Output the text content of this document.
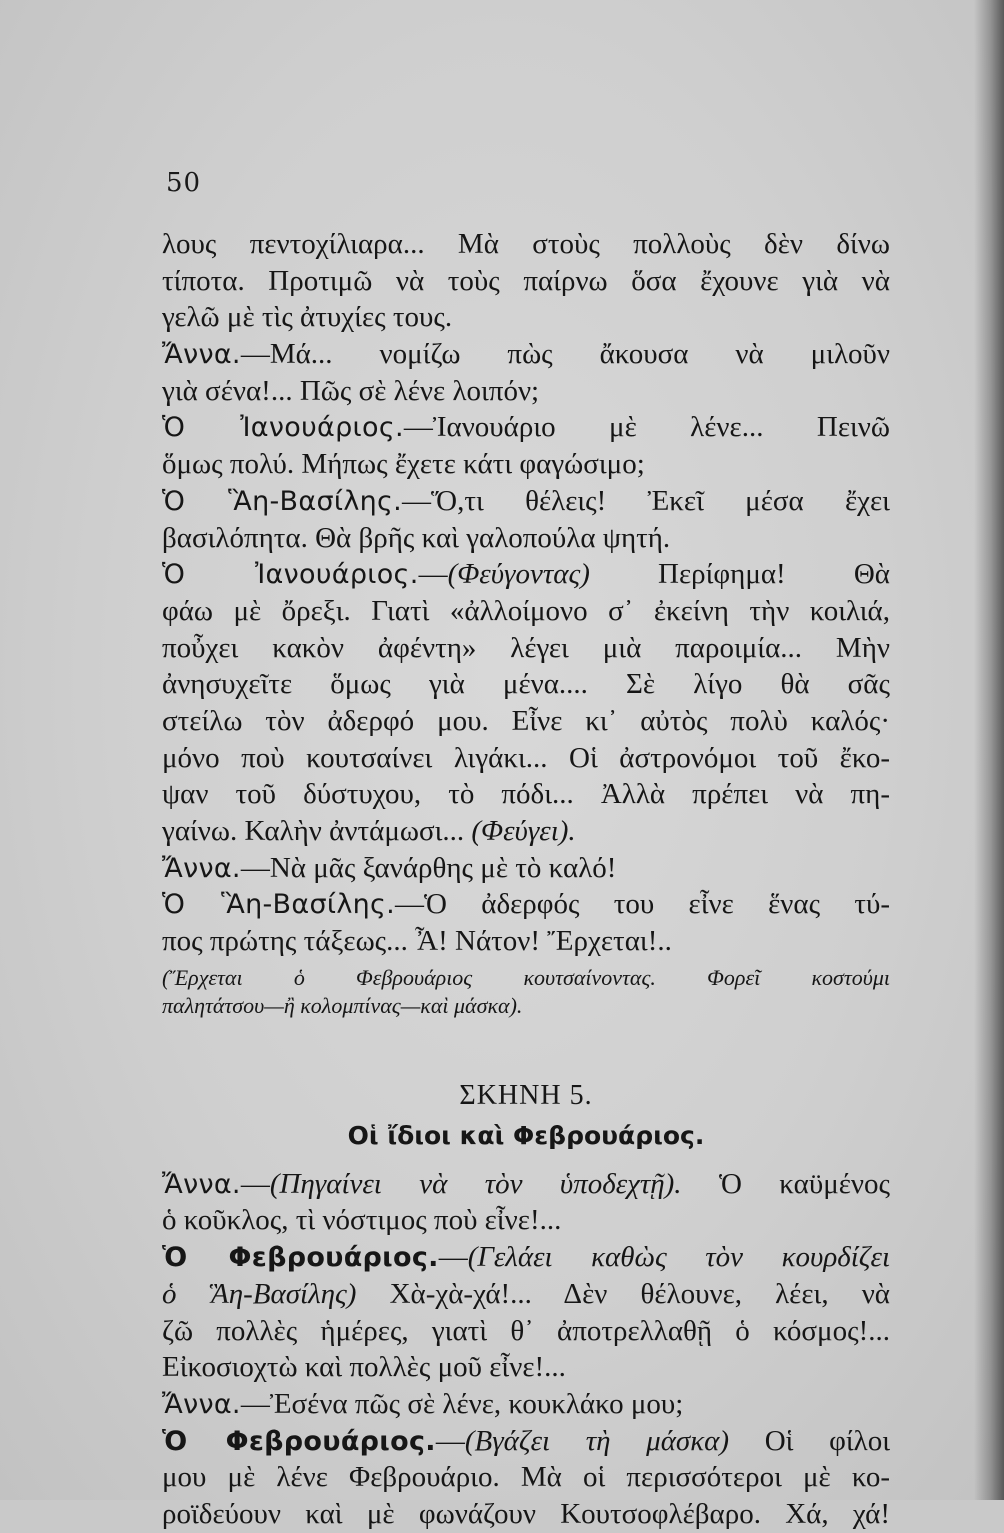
50
λους πεντοχίλιαρα... Μὰ στοὺς πολλοὺς δὲν δίνω
τίποτα. Προτιμῶ νὰ τοὺς παίρνω ὅσα ἔχουνε γιὰ νὰ
γελῶ μὲ τὶς ἀτυχίες τους.
Ἄννα.—Μά... νομίζω πὼς ἄκουσα νὰ μιλοῦν
γιὰ σένα!... Πῶς σὲ λένε λοιπόν;
Ὁ Ἰανουάριος.—Ἰανουάριο μὲ λένε... Πεινῶ
ὅμως πολύ. Μήπως ἔχετε κάτι φαγώσιμο;
Ὁ Ἃη-Βασίλης.—Ὅ,τι θέλεις! Ἐκεῖ μέσα ἔχει
βασιλόπητα. Θὰ βρῆς καὶ γαλοπούλα ψητή.
Ὁ Ἰανουάριος.—(Φεύγοντας) Περίφημα! Θὰ
φάω μὲ ὄρεξι. Γιατὶ «ἀλλοίμονο σ᾽ ἐκείνη τὴν κοιλιά,
ποὖχει κακὸν ἀφέντη» λέγει μιὰ παροιμία... Μὴν
ἀνησυχεῖτε ὅμως γιὰ μένα.... Σὲ λίγο θὰ σᾶς
στείλω τὸν ἀδερφό μου. Εἶνε κι᾽ αὐτὸς πολὺ καλός·
μόνο ποὺ κουτσαίνει λιγάκι... Οἱ ἀστρονόμοι τοῦ ἔκο-
ψαν τοῦ δύστυχου, τὸ πόδι... Ἀλλὰ πρέπει νὰ πη-
γαίνω. Καλὴν ἀντάμωσι... (Φεύγει).
Ἄννα.—Νὰ μᾶς ξανάρθης μὲ τὸ καλό!
Ὁ Ἃη-Βασίλης.—Ὁ ἀδερφός του εἶνε ἕνας τύ-
πος πρώτης τάξεως... Ἆ! Νάτον! Ἔρχεται!..
(Ἔρχεται ὁ Φεβρουάριος κουτσαίνοντας. Φορεῖ κοστούμι
παλητάτσου—ἢ κολομπίνας—καὶ μάσκα).
ΣΚΗΝΗ 5.
Οἱ ἴδιοι καὶ Φεβρουάριος.
Ἄννα.—(Πηγαίνει νὰ τὸν ὑποδεχτῇ). Ὁ καϋμένος
ὁ κοῦκλος, τὶ νόστιμος ποὺ εἶνε!...
Ὁ Φεβρουάριος.—(Γελάει καθὼς τὸν κουρδίζει
ὁ Ἃη-Βασίλης) Χὰ-χὰ-χά!... Δὲν θέλουνε, λέει, νὰ
ζῶ πολλὲς ἡμέρες, γιατὶ θ᾽ ἀποτρελλαθῇ ὁ κόσμος!...
Εἰκοσιοχτὼ καὶ πολλὲς μοῦ εἶνε!...
Ἄννα.—Ἐσένα πῶς σὲ λένε, κουκλάκο μου;
Ὁ Φεβρουάριος.—(Βγάζει τὴ μάσκα) Οἱ φίλοι
μου μὲ λένε Φεβρουάριο. Μὰ οἱ περισσότεροι μὲ κο-
ροϊδεύουν καὶ μὲ φωνάζουν Κουτσοφλέβαρο. Χά, χά!
